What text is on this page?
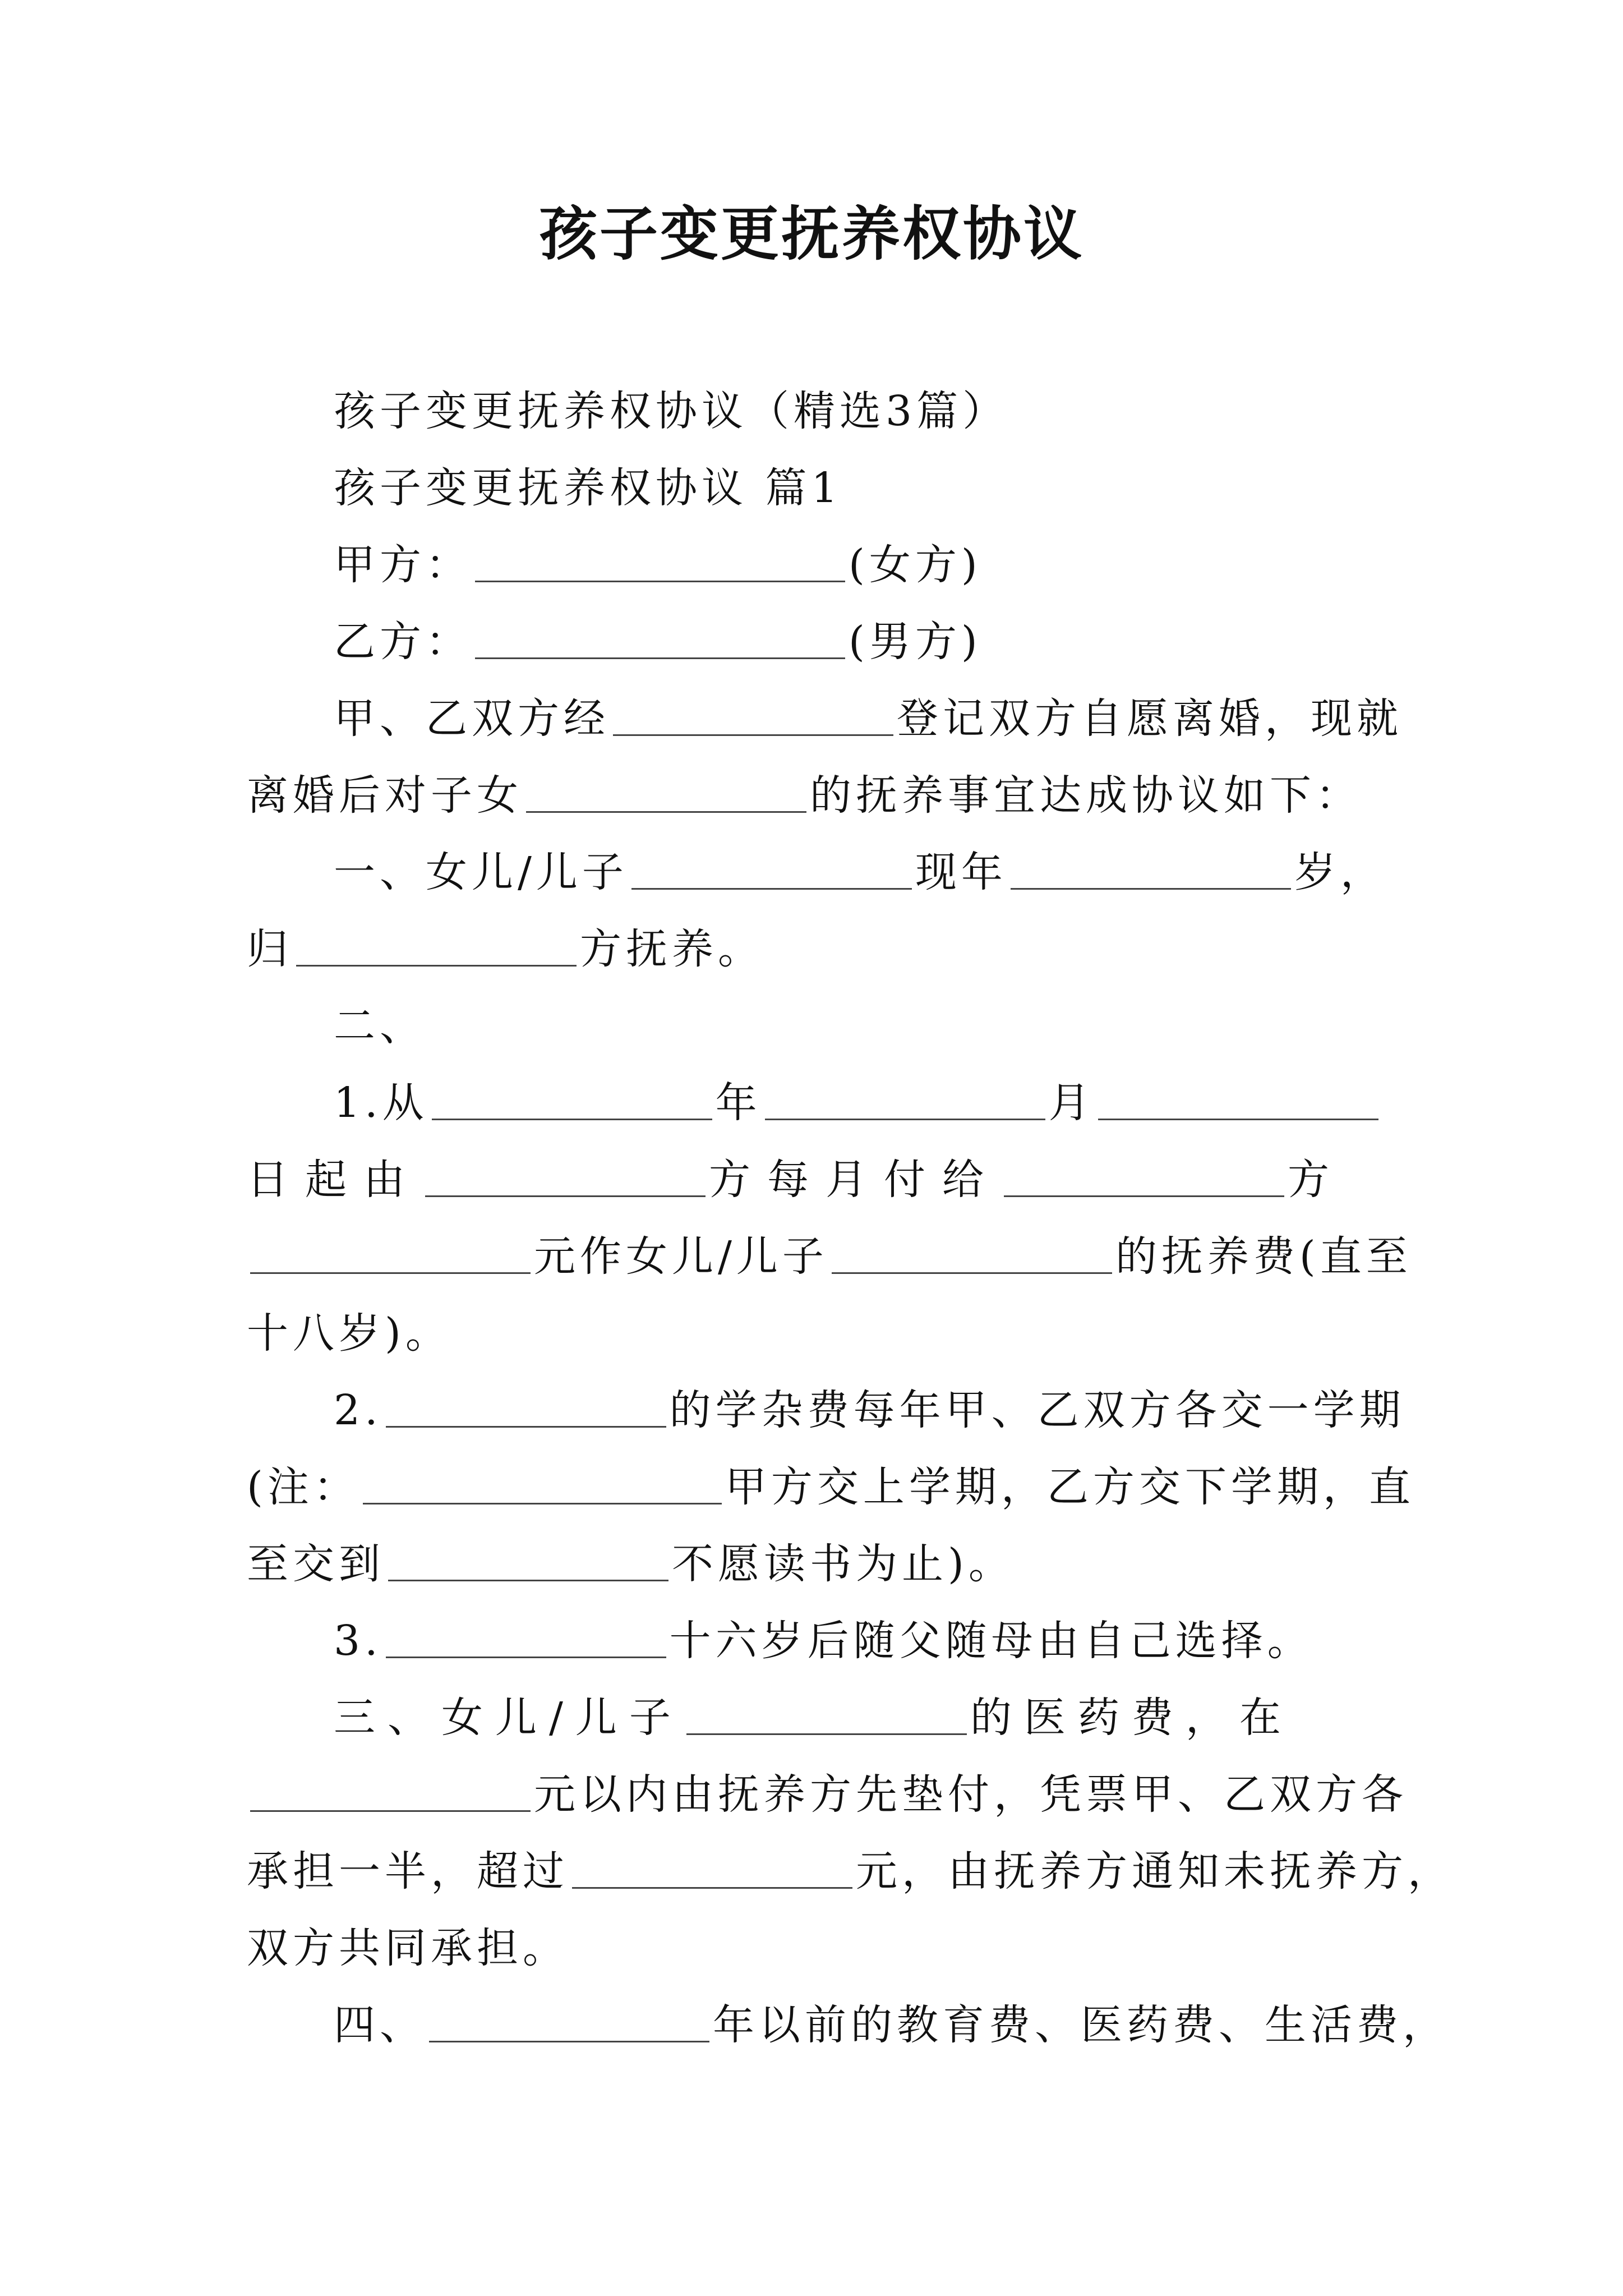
孩子变更抚养权协议
孩子变更抚养权协议（精选3篇）
孩子变更抚养权协议 篇1
甲方：	(女方)
乙方：	(男方)
甲、乙双方经	登记双方自愿离婚，现就
离婚后对子女	的抚养事宜达成协议如下：
一、女儿/儿子	现年	岁，
归	方抚养。
二、
1.从	年	月
日起由	方每月付给	方
元作女儿/儿子	的抚养费(直至
十八岁)。
2.	的学杂费每年甲、乙双方各交一学期
(注：	甲方交上学期，乙方交下学期，直
至交到	不愿读书为止)。
3.	十六岁后随父随母由自己选择。
三、女儿/儿子	的医药费，在
元以内由抚养方先垫付，凭票甲、乙双方各
承担一半，超过	元，由抚养方通知未抚养方，
双方共同承担。
四、	年以前的教育费、医药费、生活费，
